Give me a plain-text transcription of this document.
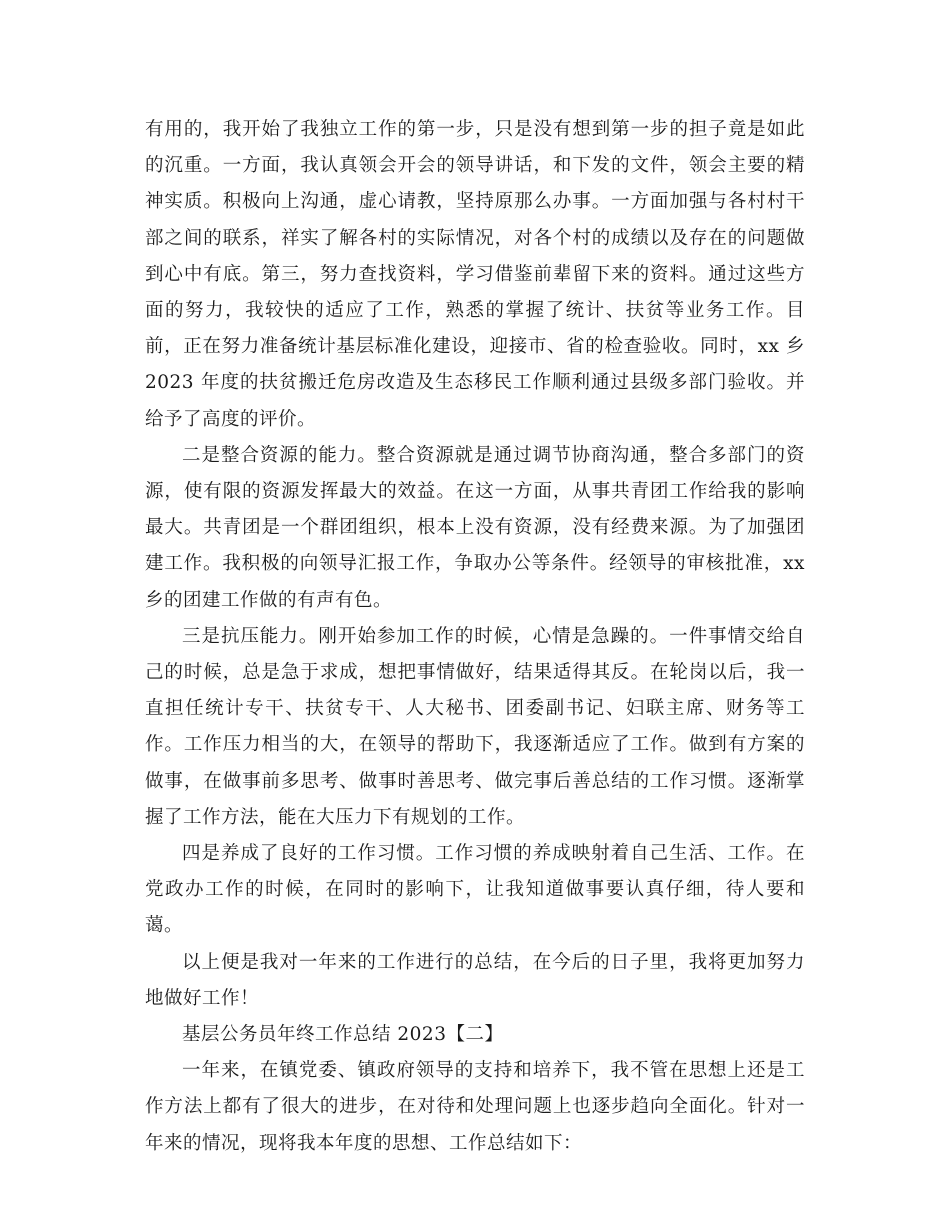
有用的，我开始了我独立工作的第一步，只是没有想到第一步的担子竟是如此的沉重。一方面，我认真领会开会的领导讲话，和下发的文件，领会主要的精神实质。积极向上沟通，虚心请教，坚持原那么办事。一方面加强与各村村干部之间的联系，祥实了解各村的实际情况，对各个村的成绩以及存在的问题做到心中有底。第三，努力查找资料，学习借鉴前辈留下来的资料。通过这些方面的努力，我较快的适应了工作，熟悉的掌握了统计、扶贫等业务工作。目前，正在努力准备统计基层标准化建设，迎接市、省的检查验收。同时，xx 乡 2023 年度的扶贫搬迁危房改造及生态移民工作顺利通过县级多部门验收。并给予了高度的评价。

二是整合资源的能力。整合资源就是通过调节协商沟通，整合多部门的资源，使有限的资源发挥最大的效益。在这一方面，从事共青团工作给我的影响最大。共青团是一个群团组织，根本上没有资源，没有经费来源。为了加强团建工作。我积极的向领导汇报工作，争取办公等条件。经领导的审核批准，xx 乡的团建工作做的有声有色。

三是抗压能力。刚开始参加工作的时候，心情是急躁的。一件事情交给自己的时候，总是急于求成，想把事情做好，结果适得其反。在轮岗以后，我一直担任统计专干、扶贫专干、人大秘书、团委副书记、妇联主席、财务等工作。工作压力相当的大，在领导的帮助下，我逐渐适应了工作。做到有方案的做事，在做事前多思考、做事时善思考、做完事后善总结的工作习惯。逐渐掌握了工作方法，能在大压力下有规划的工作。

四是养成了良好的工作习惯。工作习惯的养成映射着自己生活、工作。在党政办工作的时候，在同时的影响下，让我知道做事要认真仔细，待人要和蔼。

以上便是我对一年来的工作进行的总结，在今后的日子里，我将更加努力地做好工作！

基层公务员年终工作总结 2023【二】

一年来，在镇党委、镇政府领导的支持和培养下，我不管在思想上还是工作方法上都有了很大的进步，在对待和处理问题上也逐步趋向全面化。针对一年来的情况，现将我本年度的思想、工作总结如下：
